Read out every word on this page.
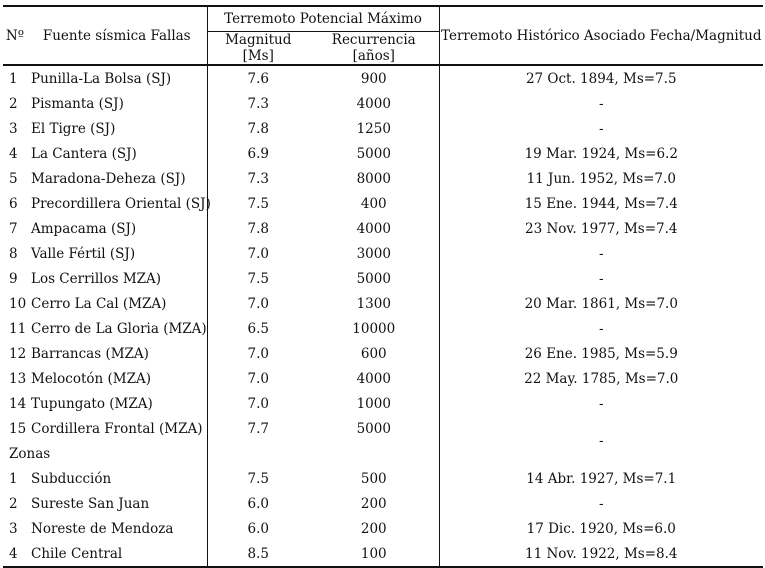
Nº	Fuente sísmica Fallas	Terremoto Potencial Máximo		Terremoto Histórico Asociado Fecha/Magnitud
		Magnitud [Ms]	Recurrencia [años]	
1	Punilla-La Bolsa (SJ)	7.6	900	27 Oct. 1894, Ms=7.5
2	Pismanta (SJ)	7.3	4000	-
3	El Tigre (SJ)	7.8	1250	-
4	La Cantera (SJ)	6.9	5000	19 Mar. 1924, Ms=6.2
5	Maradona-Deheza (SJ)	7.3	8000	11 Jun. 1952, Ms=7.0
6	Precordillera Oriental (SJ)	7.5	400	15 Ene. 1944, Ms=7.4
7	Ampacama (SJ)	7.8	4000	23 Nov. 1977, Ms=7.4
8	Valle Fértil (SJ)	7.0	3000	-
9	Los Cerrillos MZA)	7.5	5000	-
10	Cerro La Cal (MZA)	7.0	1300	20 Mar. 1861, Ms=7.0
11	Cerro de La Gloria (MZA)	6.5	10000	-
12	Barrancas (MZA)	7.0	600	26 Ene. 1985, Ms=5.9
13	Melocotón (MZA)	7.0	4000	22 May. 1785, Ms=7.0
14	Tupungato (MZA)	7.0	1000	-
15	Cordillera Frontal (MZA)	7.7	5000	-
Zonas				
1	Subducción	7.5	500	14 Abr. 1927, Ms=7.1
2	Sureste San Juan	6.0	200	-
3	Noreste de Mendoza	6.0	200	17 Dic. 1920, Ms=6.0
4	Chile Central	8.5	100	11 Nov. 1922, Ms=8.4
